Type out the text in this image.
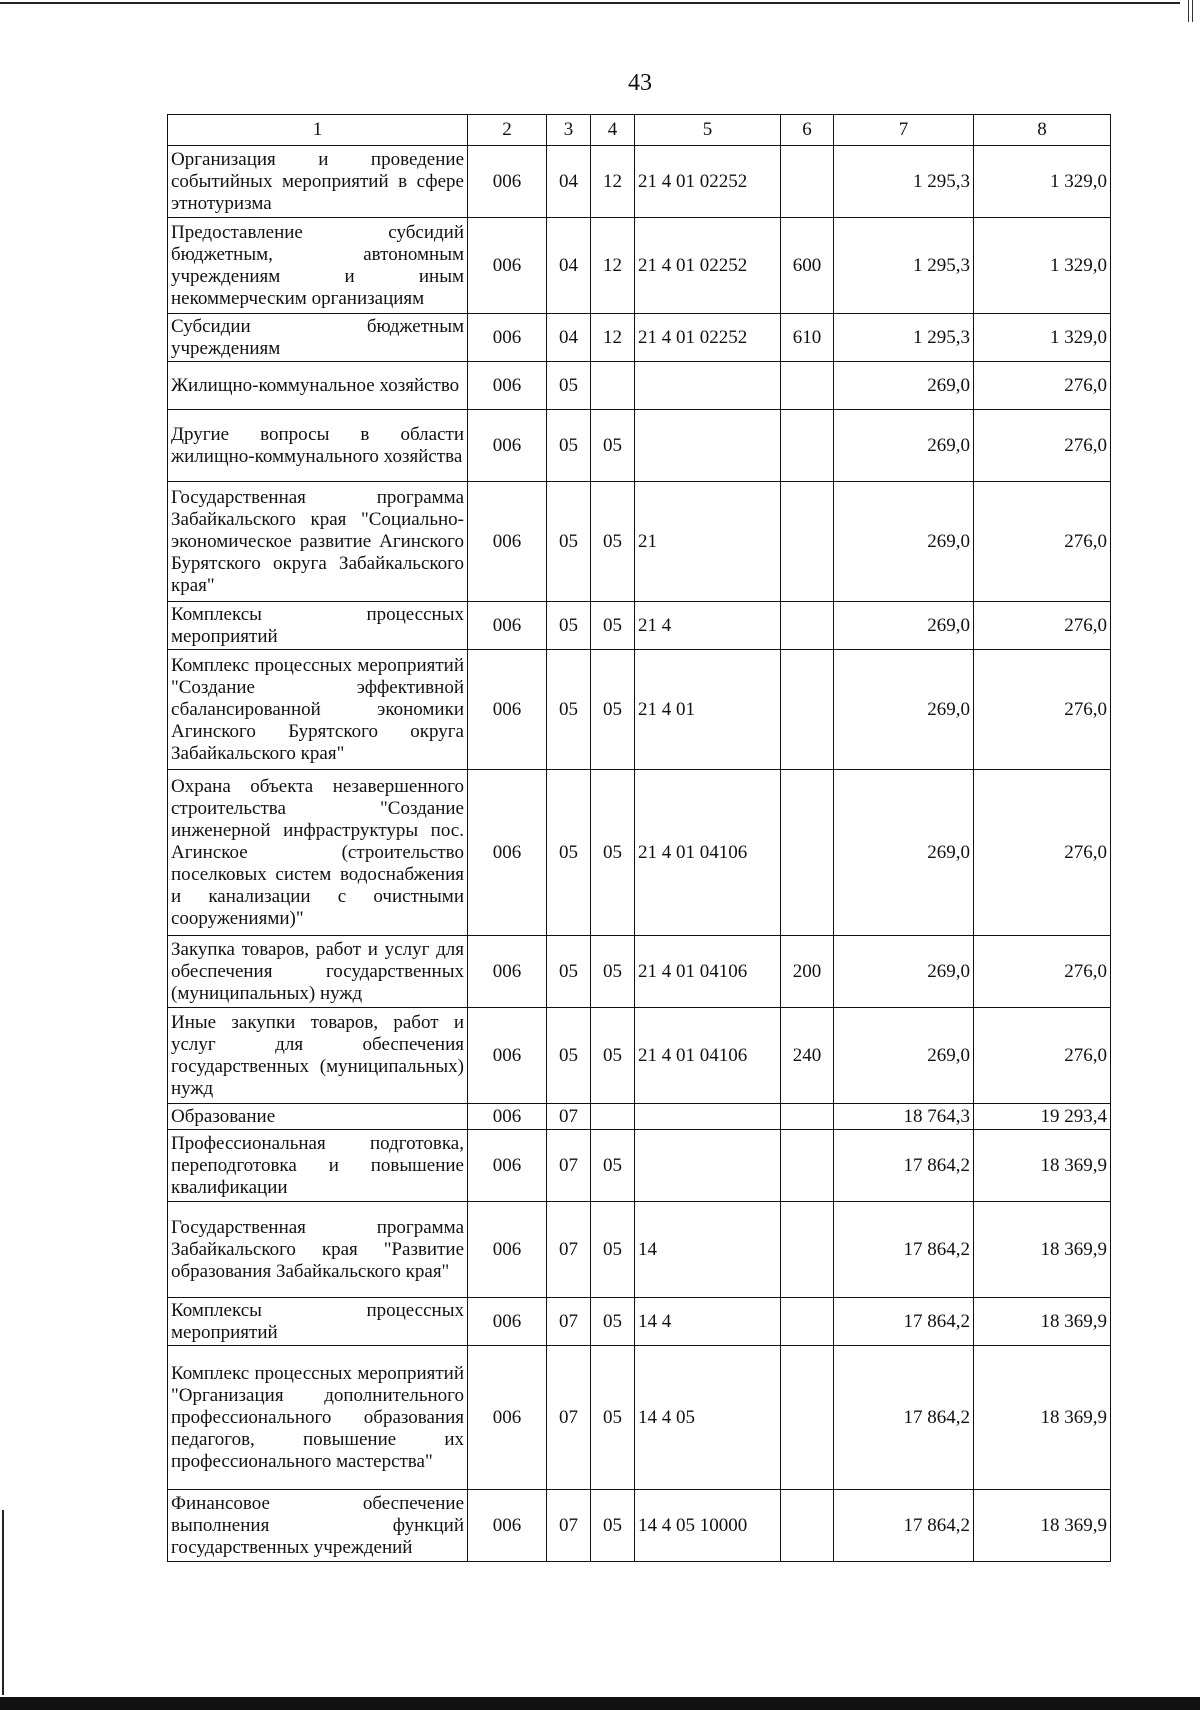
43
1	2	3	4	5	6	7	8
Организация и проведение событийных мероприятий в сфере этнотуризма	006	04	12	21 4 01 02252		1 295,3	1 329,0
Предоставление субсидий бюджетным, автономным учреждениям и иным некоммерческим организациям	006	04	12	21 4 01 02252	600	1 295,3	1 329,0
Субсидии бюджетным учреждениям	006	04	12	21 4 01 02252	610	1 295,3	1 329,0
Жилищно-коммунальное хозяйство	006	05				269,0	276,0
Другие вопросы в области жилищно-коммунального хозяйства	006	05	05			269,0	276,0
Государственная программа Забайкальского края "Социально-экономическое развитие Агинского Бурятского округа Забайкальского края"	006	05	05	21		269,0	276,0
Комплексы процессных мероприятий	006	05	05	21 4		269,0	276,0
Комплекс процессных мероприятий "Создание эффективной сбалансированной экономики Агинского Бурятского округа Забайкальского края"	006	05	05	21 4 01		269,0	276,0
Охрана объекта незавершенного строительства "Создание инженерной инфраструктуры пос. Агинское (строительство поселковых систем водоснабжения и канализации с очистными сооружениями)"	006	05	05	21 4 01 04106		269,0	276,0
Закупка товаров, работ и услуг для обеспечения государственных (муниципальных) нужд	006	05	05	21 4 01 04106	200	269,0	276,0
Иные закупки товаров, работ и услуг для обеспечения государственных (муниципальных) нужд	006	05	05	21 4 01 04106	240	269,0	276,0
Образование	006	07				18 764,3	19 293,4
Профессиональная подготовка, переподготовка и повышение квалификации	006	07	05			17 864,2	18 369,9
Государственная программа Забайкальского края "Развитие образования Забайкальского края"	006	07	05	14		17 864,2	18 369,9
Комплексы процессных мероприятий	006	07	05	14 4		17 864,2	18 369,9
Комплекс процессных мероприятий "Организация дополнительного профессионального образования педагогов, повышение их профессионального мастерства"	006	07	05	14 4 05		17 864,2	18 369,9
Финансовое обеспечение выполнения функций государственных учреждений	006	07	05	14 4 05 10000		17 864,2	18 369,9
